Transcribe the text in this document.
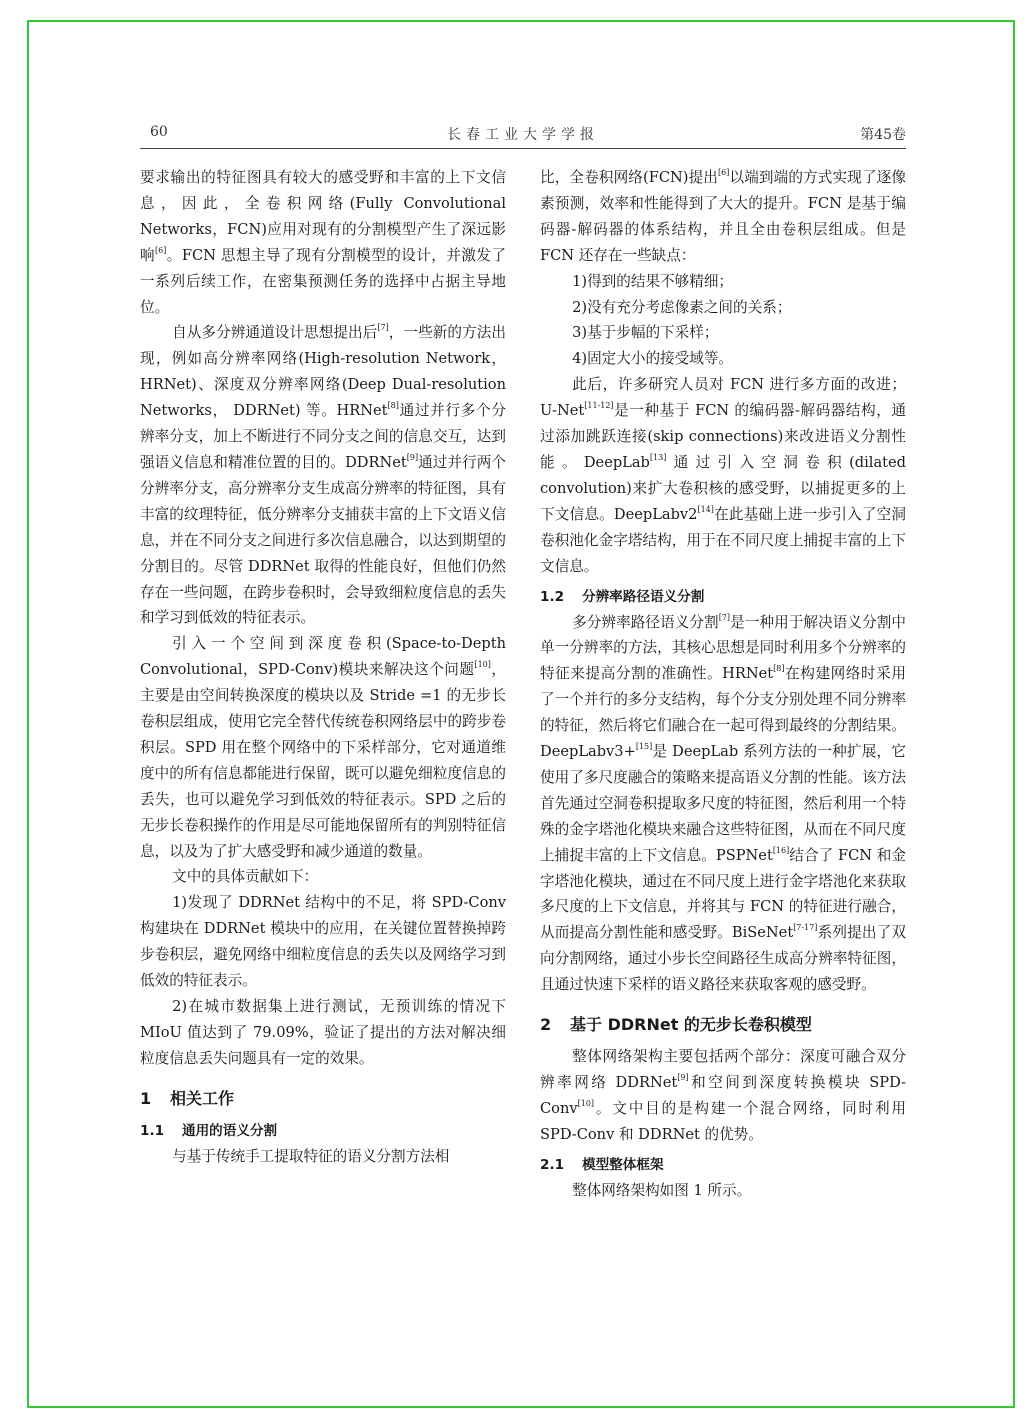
60	长春工业大学学报	第45卷

要求输出的特征图具有较大的感受野和丰富的上下文信息，因此，全卷积网络(Fully Convolutional Networks，FCN)应用对现有的分割模型产生了深远影响[6]。FCN 思想主导了现有分割模型的设计，并激发了一系列后续工作，在密集预测任务的选择中占据主导地位。

自从多分辨通道设计思想提出后[7]，一些新的方法出现，例如高分辨率网络(High-resolution Network，HRNet)、深度双分辨率网络(Deep Dual-resolution Networks， DDRNet) 等。HRNet[8]通过并行多个分辨率分支，加上不断进行不同分支之间的信息交互，达到强语义信息和精准位置的目的。DDRNet[9]通过并行两个分辨率分支，高分辨率分支生成高分辨率的特征图，具有丰富的纹理特征，低分辨率分支捕获丰富的上下文语义信息，并在不同分支之间进行多次信息融合，以达到期望的分割目的。尽管 DDRNet 取得的性能良好，但他们仍然存在一些问题，在跨步卷积时，会导致细粒度信息的丢失和学习到低效的特征表示。

引入一个空间到深度卷积(Space-to-Depth Convolutional，SPD-Conv)模块来解决这个问题[10]，主要是由空间转换深度的模块以及 Stride =1 的无步长卷积层组成，使用它完全替代传统卷积网络层中的跨步卷积层。SPD 用在整个网络中的下采样部分，它对通道维度中的所有信息都能进行保留，既可以避免细粒度信息的丢失，也可以避免学习到低效的特征表示。SPD 之后的无步长卷积操作的作用是尽可能地保留所有的判别特征信息，以及为了扩大感受野和减少通道的数量。

文中的具体贡献如下：

1)发现了 DDRNet 结构中的不足，将 SPD-Conv 构建块在 DDRNet 模块中的应用，在关键位置替换掉跨步卷积层，避免网络中细粒度信息的丢失以及网络学习到低效的特征表示。

2)在城市数据集上进行测试，无预训练的情况下 MIoU 值达到了 79.09%，验证了提出的方法对解决细粒度信息丢失问题具有一定的效果。

1 相关工作
1.1 通用的语义分割

与基于传统手工提取特征的语义分割方法相

比，全卷积网络(FCN)提出[6]以端到端的方式实现了逐像素预测，效率和性能得到了大大的提升。FCN 是基于编码器-解码器的体系结构，并且全由卷积层组成。但是 FCN 还存在一些缺点：

1)得到的结果不够精细；

2)没有充分考虑像素之间的关系；

3)基于步幅的下采样；

4)固定大小的接受域等。

此后，许多研究人员对 FCN 进行多方面的改进；U-Net[11-12]是一种基于 FCN 的编码器-解码器结构，通过添加跳跃连接(skip connections)来改进语义分割性能。DeepLab[13]通过引入空洞卷积(dilated convolution)来扩大卷积核的感受野，以捕捉更多的上下文信息。DeepLabv2[14]在此基础上进一步引入了空洞卷积池化金字塔结构，用于在不同尺度上捕捉丰富的上下文信息。

1.2 分辨率路径语义分割

多分辨率路径语义分割[7]是一种用于解决语义分割中单一分辨率的方法，其核心思想是同时利用多个分辨率的特征来提高分割的准确性。HRNet[8]在构建网络时采用了一个并行的多分支结构，每个分支分别处理不同分辨率的特征，然后将它们融合在一起可得到最终的分割结果。DeepLabv3+[15]是 DeepLab 系列方法的一种扩展，它使用了多尺度融合的策略来提高语义分割的性能。该方法首先通过空洞卷积提取多尺度的特征图，然后利用一个特殊的金字塔池化模块来融合这些特征图，从而在不同尺度上捕捉丰富的上下文信息。PSPNet[16]结合了 FCN 和金字塔池化模块，通过在不同尺度上进行金字塔池化来获取多尺度的上下文信息，并将其与 FCN 的特征进行融合，从而提高分割性能和感受野。BiSeNet[7-17]系列提出了双向分割网络，通过小步长空间路径生成高分辨率特征图，且通过快速下采样的语义路径来获取客观的感受野。

2 基于 DDRNet 的无步长卷积模型

整体网络架构主要包括两个部分：深度可融合双分辨率网络 DDRNet[9]和空间到深度转换模块 SPD-Conv[10]。文中目的是构建一个混合网络，同时利用 SPD-Conv 和 DDRNet 的优势。

2.1 模型整体框架

整体网络架构如图 1 所示。
